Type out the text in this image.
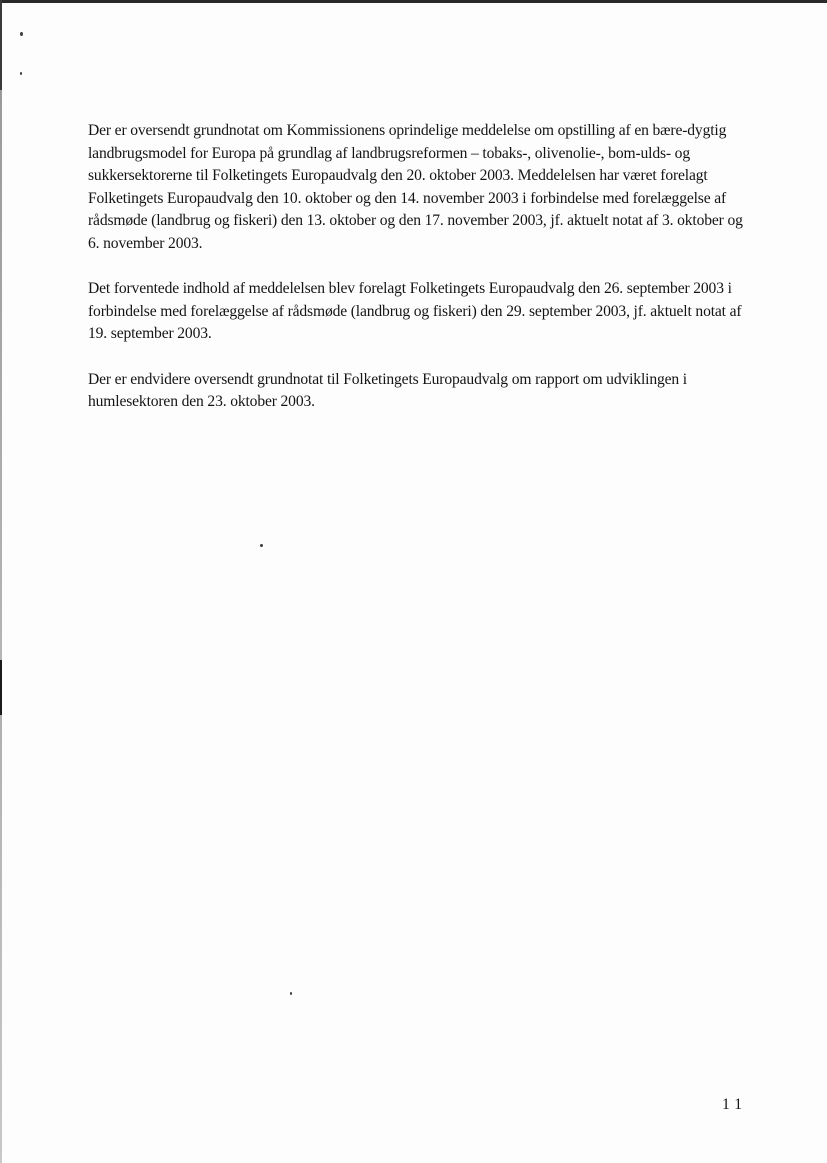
Der er oversendt grundnotat om Kommissionens oprindelige meddelelse om opstilling af en bære-dygtig landbrugsmodel for Europa på grundlag af landbrugsreformen – tobaks-, olivenolie-, bom-ulds- og sukkersektorerne til Folketingets Europaudvalg den 20. oktober 2003. Meddelelsen har været forelagt Folketingets Europaudvalg den 10. oktober og den 14. november 2003 i forbindelse med forelæggelse af rådsmøde (landbrug og fiskeri) den 13. oktober og den 17. november 2003, jf. aktuelt notat af 3. oktober og 6. november 2003.

Det forventede indhold af meddelelsen blev forelagt Folketingets Europaudvalg den 26. september 2003 i forbindelse med forelæggelse af rådsmøde (landbrug og fiskeri) den 29. september 2003, jf. aktuelt notat af 19. september 2003.

Der er endvidere oversendt grundnotat til Folketingets Europaudvalg om rapport om udviklingen i humlesektoren den 23. oktober 2003.

11
